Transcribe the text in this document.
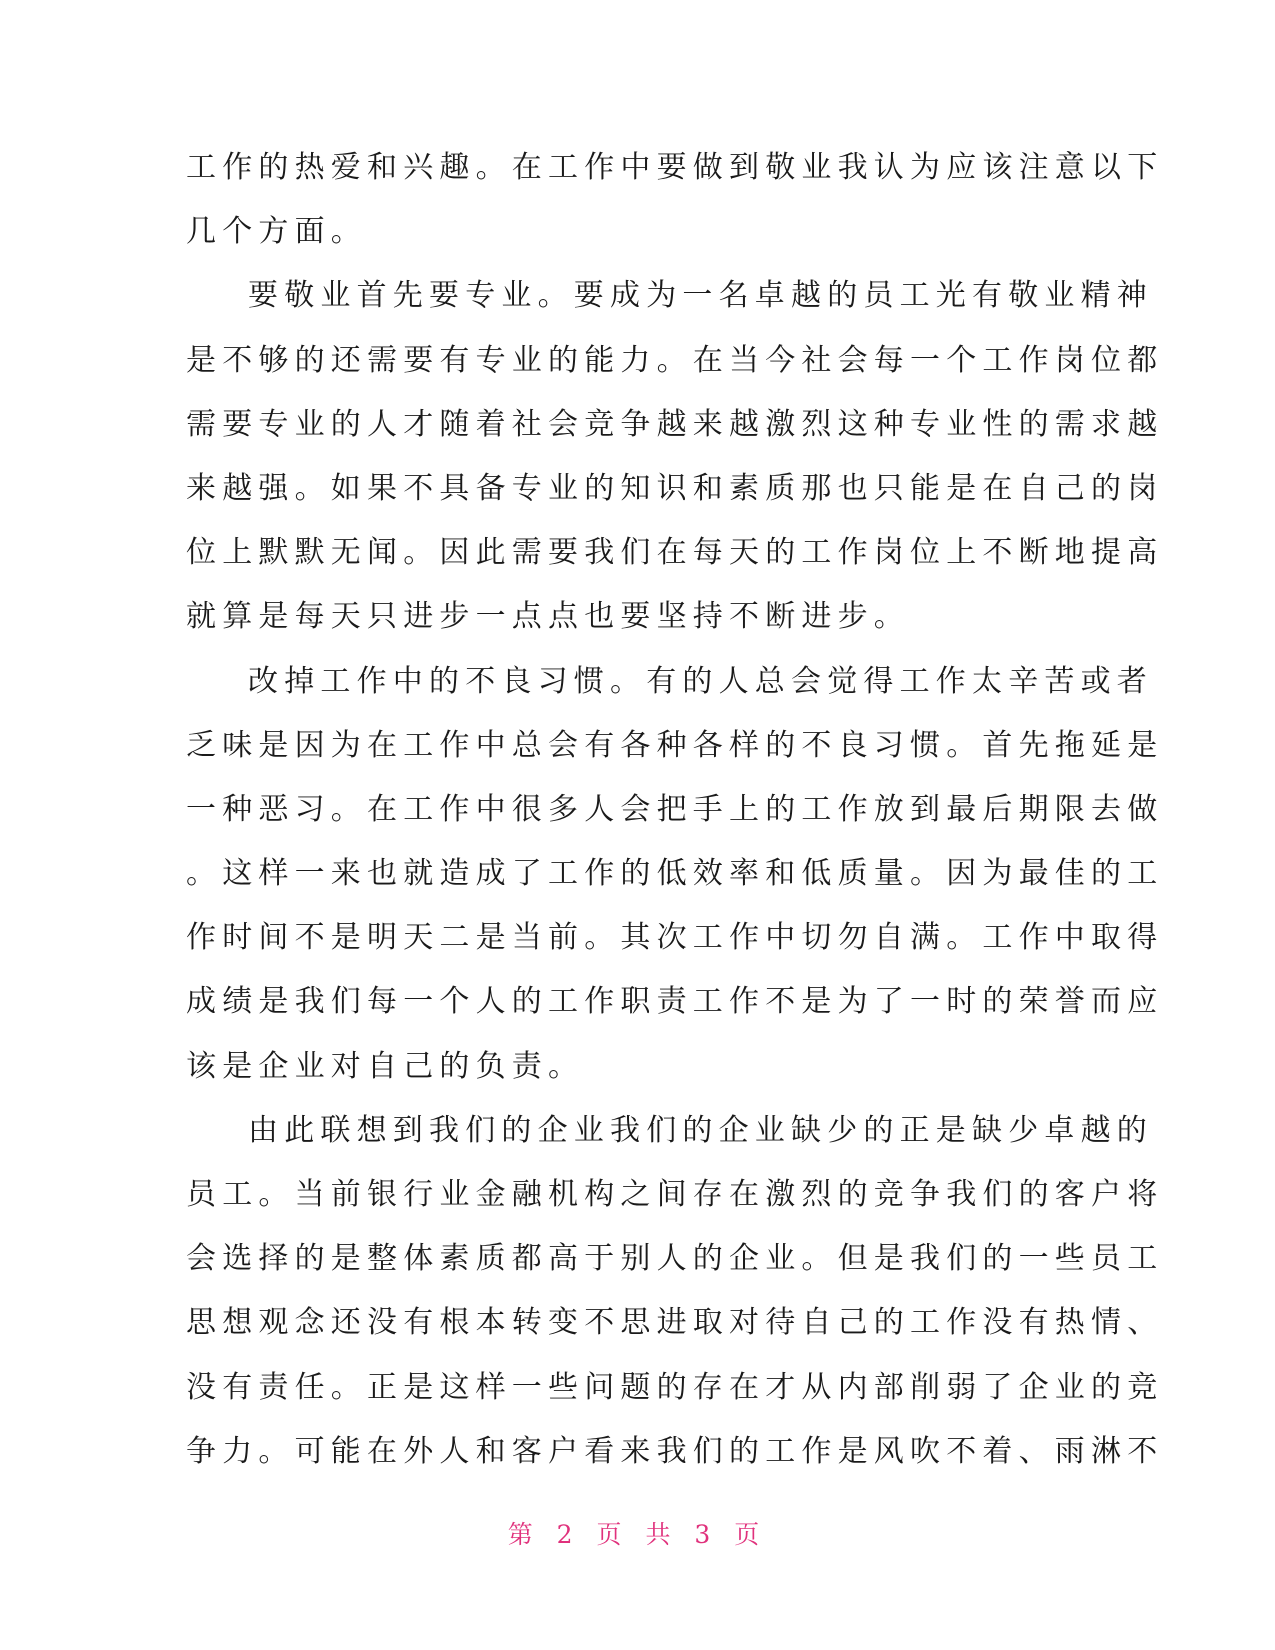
工作的热爱和兴趣。在工作中要做到敬业我认为应该注意以下
几个方面。
要敬业首先要专业。要成为一名卓越的员工光有敬业精神
是不够的还需要有专业的能力。在当今社会每一个工作岗位都
需要专业的人才随着社会竞争越来越激烈这种专业性的需求越
来越强。如果不具备专业的知识和素质那也只能是在自己的岗
位上默默无闻。因此需要我们在每天的工作岗位上不断地提高
就算是每天只进步一点点也要坚持不断进步。
改掉工作中的不良习惯。有的人总会觉得工作太辛苦或者
乏味是因为在工作中总会有各种各样的不良习惯。首先拖延是
一种恶习。在工作中很多人会把手上的工作放到最后期限去做
。这样一来也就造成了工作的低效率和低质量。因为最佳的工
作时间不是明天二是当前。其次工作中切勿自满。工作中取得
成绩是我们每一个人的工作职责工作不是为了一时的荣誉而应
该是企业对自己的负责。
由此联想到我们的企业我们的企业缺少的正是缺少卓越的
员工。当前银行业金融机构之间存在激烈的竞争我们的客户将
会选择的是整体素质都高于别人的企业。但是我们的一些员工
思想观念还没有根本转变不思进取对待自己的工作没有热情、
没有责任。正是这样一些问题的存在才从内部削弱了企业的竞
争力。可能在外人和客户看来我们的工作是风吹不着、雨淋不
第 2 页 共 3 页
